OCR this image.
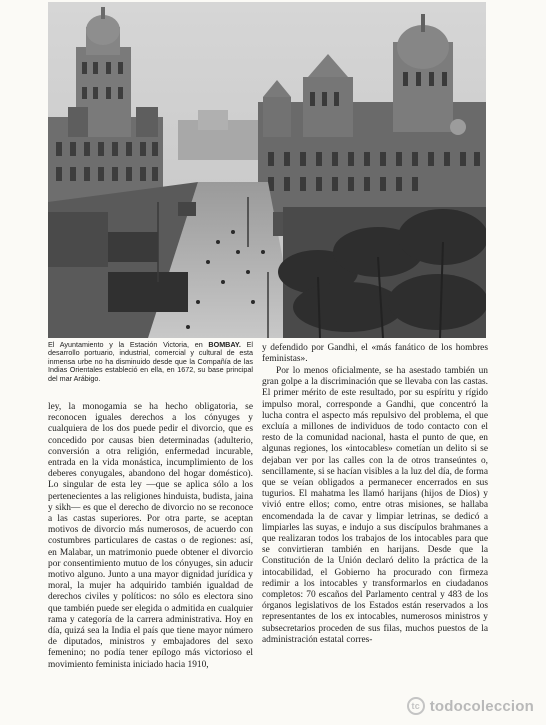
El Ayuntamiento y la Estación Victoria, en BOMBAY. El desarrollo portuario, industrial, comercial y cultural de esta inmensa urbe no ha disminuido desde que la Compañía de las Indias Orientales estableció en ella, en 1672, su base principal del mar Arábigo.

y defendido por Gandhi, el «más fanático de los hombres feministas».

ley, la monogamia se ha hecho obligatoria, se reconocen iguales derechos a los cónyuges y cualquiera de los dos puede pedir el divorcio, que es concedido por causas bien determinadas (adulterio, conversión a otra religión, enfermedad incurable, entrada en la vida monástica, incumplimiento de los deberes conyugales, abandono del hogar doméstico). Lo singular de esta ley —que se aplica sólo a los pertenecientes a las religiones hinduista, budista, jaina y sikh— es que el derecho de divorcio no se reconoce a las castas superiores. Por otra parte, se aceptan motivos de divorcio más numerosos, de acuerdo con costumbres particulares de castas o de regiones: así, en Malabar, un matrimonio puede obtener el divorcio por consentimiento mutuo de los cónyuges, sin aducir motivo alguno. Junto a una mayor dignidad jurídica y moral, la mujer ha adquirido también igualdad de derechos civiles y políticos: no sólo es electora sino que también puede ser elegida o admitida en cualquier rama y categoría de la carrera administrativa. Hoy en día, quizá sea la India el país que tiene mayor número de diputados, ministros y embajadores del sexo femenino; no podía tener epílogo más victorioso el movimiento feminista iniciado hacia 1910,

Por lo menos oficialmente, se ha asestado también un gran golpe a la discriminación que se llevaba con las castas. El primer mérito de este resultado, por su espíritu y rígido impulso moral, corresponde a Gandhi, que concentró la lucha contra el aspecto más repulsivo del problema, el que excluía a millones de individuos de todo contacto con el resto de la comunidad nacional, hasta el punto de que, en algunas regiones, los «intocables» cometían un delito si se dejaban ver por las calles con la de otros transeúntes o, sencillamente, si se hacían visibles a la luz del día, de forma que se veían obligados a permanecer encerrados en sus tugurios. El mahatma les llamó harijans (hijos de Dios) y vivió entre ellos; como, entre otras misiones, se hallaba encomendada la de cavar y limpiar letrinas, se dedicó a limpiarles las suyas, e indujo a sus discípulos brahmanes a que realizaran todos los trabajos de los intocables para que se convirtieran también en harijans. Desde que la Constitución de la Unión declaró delito la práctica de la intocabilidad, el Gobierno ha procurado con firmeza redimir a los intocables y transformarlos en ciudadanos completos: 70 escaños del Parlamento central y 483 de los órganos legislativos de los Estados están reservados a los representantes de los ex intocables, numerosos ministros y subsecretarios proceden de sus filas, muchos puestos de la administración estatal corres-

tc todocoleccion
